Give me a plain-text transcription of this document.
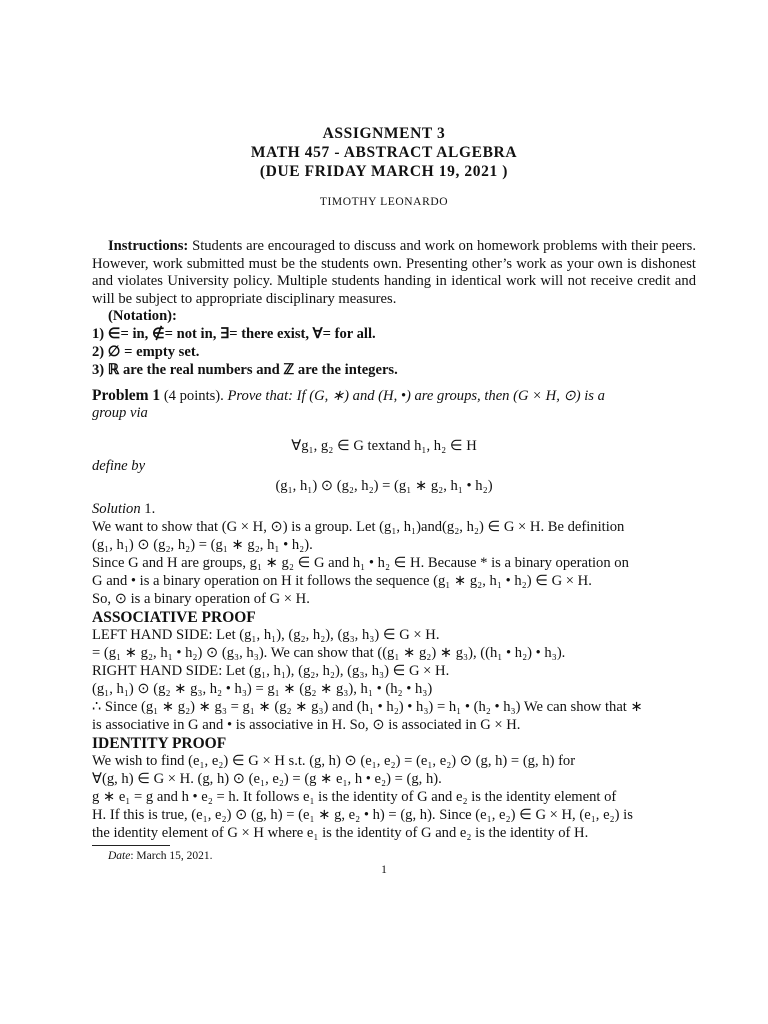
ASSIGNMENT 3
MATH 457 - ABSTRACT ALGEBRA
(DUE FRIDAY MARCH 19, 2021 )
TIMOTHY LEONARDO
Instructions: Students are encouraged to discuss and work on homework problems with their peers. However, work submitted must be the students own. Presenting other’s work as your own is dishonest and violates University policy. Multiple students handing in identical work will not receive credit and will be subject to appropriate disciplinary measures.
(Notation):
1) ∈= in, ∉= not in, ∃= there exist, ∀= for all.
2) ∅ = empty set.
3) ℝ are the real numbers and ℤ are the integers.
Problem 1 (4 points). Prove that: If (G, ∗) and (H, •) are groups, then (G × H, ⊙) is a
group via
∀g₁, g₂ ∈ G textand h₁, h₂ ∈ H
define by
(g₁, h₁) ⊙ (g₂, h₂) = (g₁ ∗ g₂, h₁ • h₂)
Solution 1.
We want to show that (G × H, ⊙) is a group. Let (g₁, h₁)and(g₂, h₂) ∈ G × H. Be definition
(g₁, h₁) ⊙ (g₂, h₂) = (g₁ ∗ g₂, h₁ • h₂).
Since G and H are groups, g₁ ∗ g₂ ∈ G and h₁ • h₂ ∈ H. Because * is a binary operation on
G and • is a binary operation on H it follows the sequence (g₁ ∗ g₂, h₁ • h₂) ∈ G × H.
So, ⊙ is a binary operation of G × H.
ASSOCIATIVE PROOF
LEFT HAND SIDE: Let (g₁, h₁), (g₂, h₂), (g₃, h₃) ∈ G × H.
= (g₁ ∗ g₂, h₁ • h₂) ⊙ (g₃, h₃). We can show that ((g₁ ∗ g₂) ∗ g₃), ((h₁ • h₂) • h₃).
RIGHT HAND SIDE: Let (g₁, h₁), (g₂, h₂), (g₃, h₃) ∈ G × H.
(g₁, h₁) ⊙ (g₂ ∗ g₃, h₂ • h₃) = g₁ ∗ (g₂ ∗ g₃), h₁ • (h₂ • h₃)
∴ Since (g₁ ∗ g₂) ∗ g₃ = g₁ ∗ (g₂ ∗ g₃) and (h₁ • h₂) • h₃) = h₁ • (h₂ • h₃) We can show that ∗
is associative in G and • is associative in H. So, ⊙ is associated in G × H.
IDENTITY PROOF
We wish to find (e₁, e₂) ∈ G × H s.t. (g, h) ⊙ (e₁, e₂) = (e₁, e₂) ⊙ (g, h) = (g, h) for
∀(g, h) ∈ G × H. (g, h) ⊙ (e₁, e₂) = (g ∗ e₁, h • e₂) = (g, h).
g ∗ e₁ = g and h • e₂ = h. It follows e₁ is the identity of G and e₂ is the identity element of
H. If this is true, (e₁, e₂) ⊙ (g, h) = (e₁ ∗ g, e₂ • h) = (g, h). Since (e₁, e₂) ∈ G × H, (e₁, e₂) is
the identity element of G × H where e₁ is the identity of G and e₂ is the identity of H.
Date: March 15, 2021.
1
